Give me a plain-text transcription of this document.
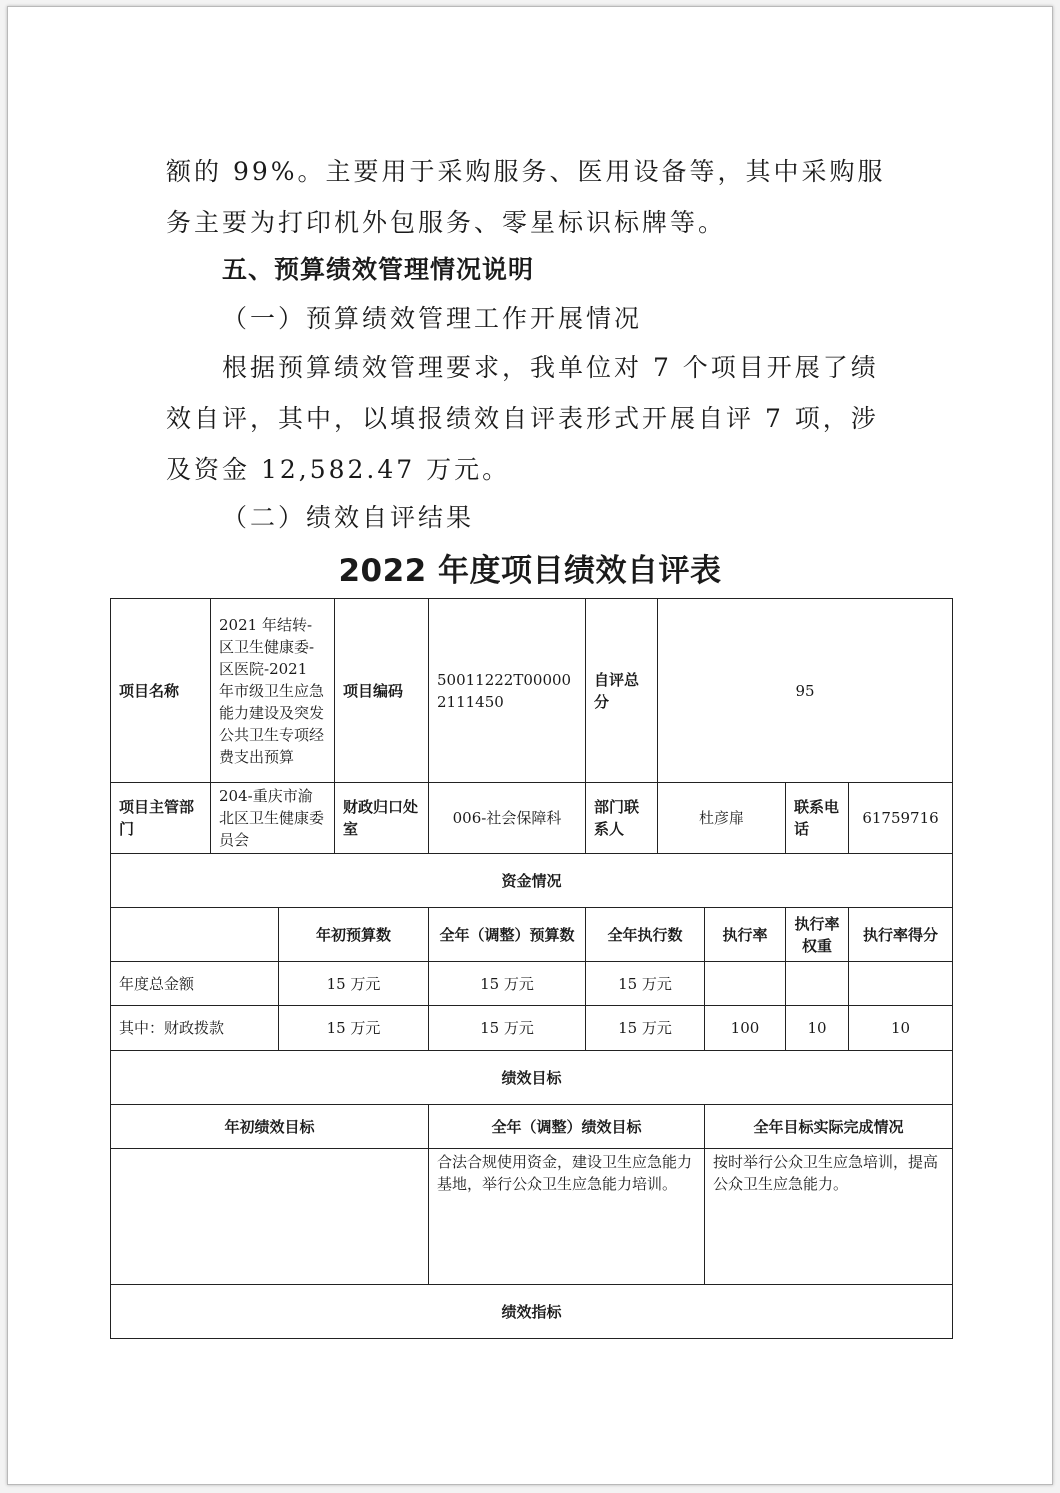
额的 99%。主要用于采购服务、医用设备等，其中采购服
务主要为打印机外包服务、零星标识标牌等。
五、预算绩效管理情况说明
（一）预算绩效管理工作开展情况
根据预算绩效管理要求，我单位对 7 个项目开展了绩
效自评，其中，以填报绩效自评表形式开展自评 7 项，涉
及资金 12,582.47 万元。
（二）绩效自评结果
2022 年度项目绩效自评表
项目名称	2021 年结转-区卫生健康委-区医院-2021 年市级卫生应急能力建设及突发公共卫生专项经费支出预算		项目编码	50011222T000002111450	自评总分	95			
项目主管部门	204-重庆市渝北区卫生健康委员会		财政归口处室	006-社会保障科	部门联系人	杜彦扉		联系电话	61759716
资金情况									
		年初预算数		全年（调整）预算数	全年执行数		执行率	执行率权重	执行率得分
年度总金额		15 万元		15 万元	15 万元				
其中：财政拨款		15 万元		15 万元	15 万元		100	10	10
绩效目标									
年初绩效目标				全年（调整）绩效目标			全年目标实际完成情况		
				合法合规使用资金，建设卫生应急能力基地，举行公众卫生应急能力培训。			按时举行公众卫生应急培训，提高公众卫生应急能力。		
绩效指标									
